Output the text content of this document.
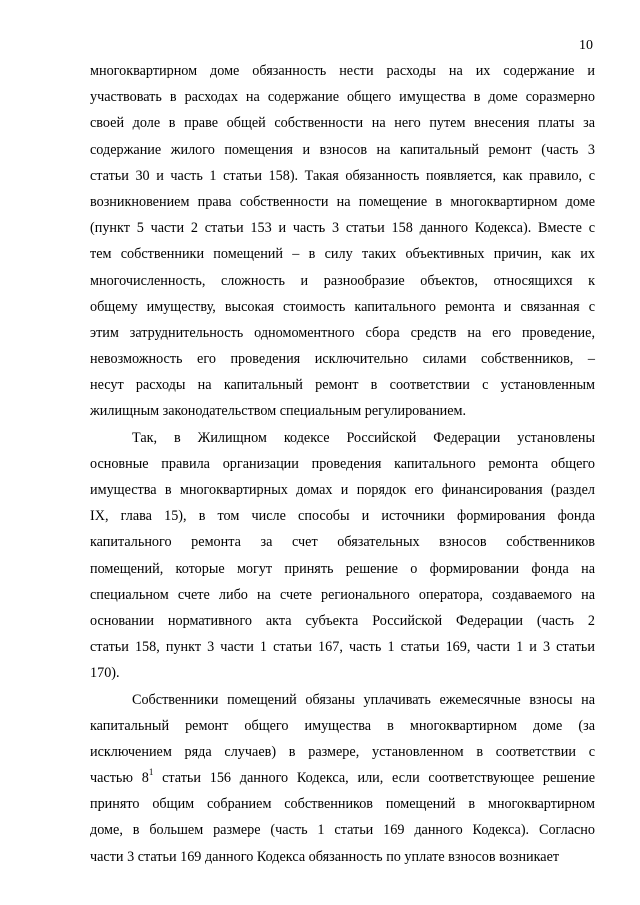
10
многоквартирном доме обязанность нести расходы на их содержание и
участвовать в расходах на содержание общего имущества в доме соразмерно
своей доле в праве общей собственности на него путем внесения платы за
содержание жилого помещения и взносов на капитальный ремонт (часть 3
статьи 30 и часть 1 статьи 158). Такая обязанность появляется, как правило, с
возникновением права собственности на помещение в многоквартирном доме
(пункт 5 части 2 статьи 153 и часть 3 статьи 158 данного Кодекса). Вместе с
тем собственники помещений – в силу таких объективных причин, как их
многочисленность, сложность и разнообразие объектов, относящихся к
общему имуществу, высокая стоимость капитального ремонта и связанная с
этим затруднительность одномоментного сбора средств на его проведение,
невозможность его проведения исключительно силами собственников, –
несут расходы на капитальный ремонт в соответствии с установленным
жилищным законодательством специальным регулированием.
Так, в Жилищном кодексе Российской Федерации установлены
основные правила организации проведения капитального ремонта общего
имущества в многоквартирных домах и порядок его финансирования (раздел
IX, глава 15), в том числе способы и источники формирования фонда
капитального ремонта за счет обязательных взносов собственников
помещений, которые могут принять решение о формировании фонда на
специальном счете либо на счете регионального оператора, создаваемого на
основании нормативного акта субъекта Российской Федерации (часть 2
статьи 158, пункт 3 части 1 статьи 167, часть 1 статьи 169, части 1 и 3 статьи
170).
Собственники помещений обязаны уплачивать ежемесячные взносы на
капитальный ремонт общего имущества в многоквартирном доме (за
исключением ряда случаев) в размере, установленном в соответствии с
частью $8^1$ статьи 156 данного Кодекса, или, если соответствующее решение
принято общим собранием собственников помещений в многоквартирном
доме, в большем размере (часть 1 статьи 169 данного Кодекса). Согласно
части 3 статьи 169 данного Кодекса обязанность по уплате взносов возникает
